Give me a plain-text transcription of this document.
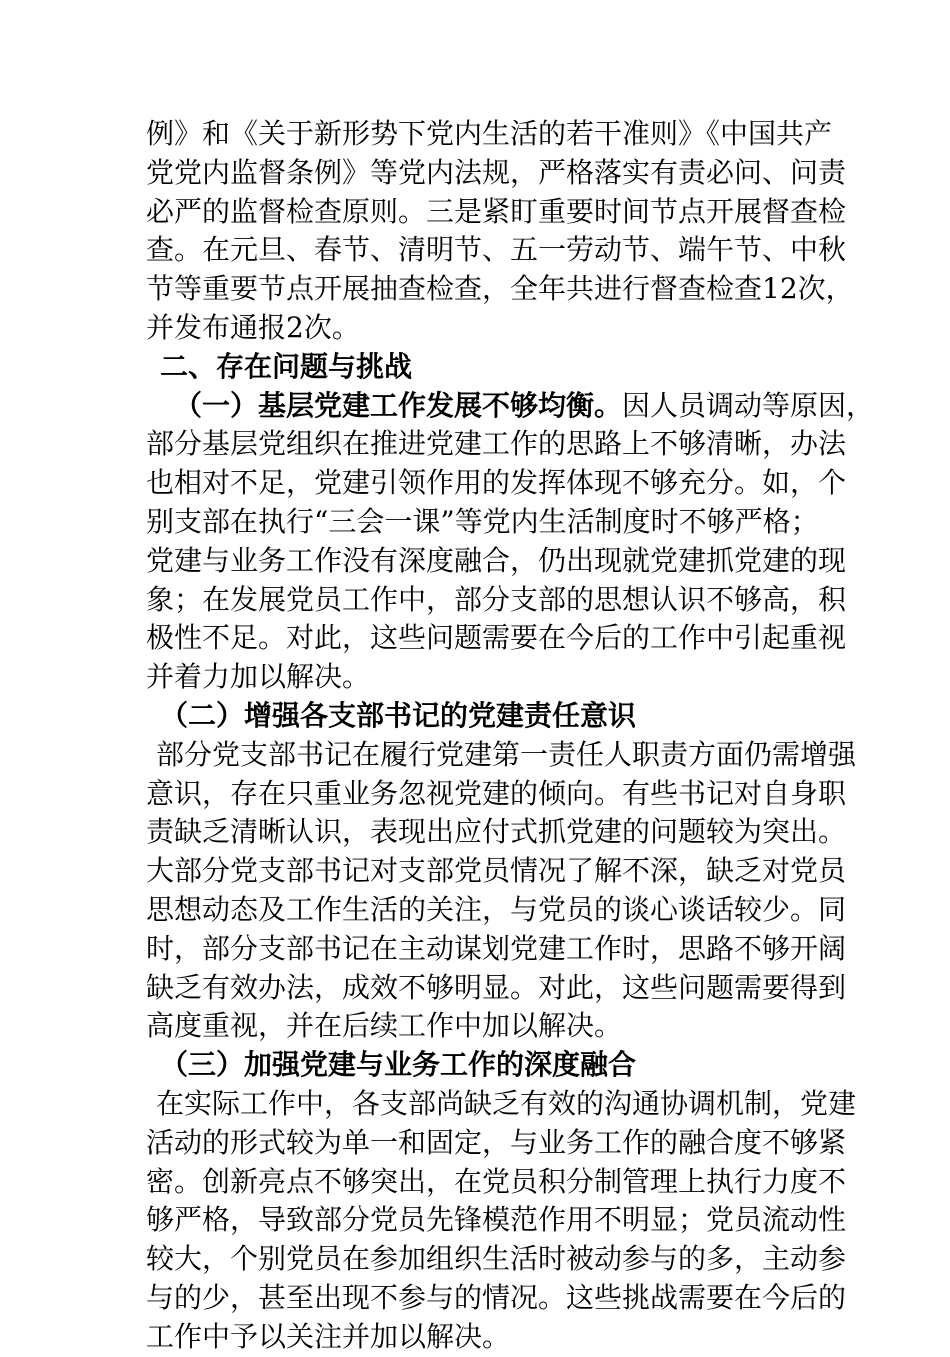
例》和《关于新形势下党内生活的若干准则》《中国共产
党党内监督条例》等党内法规，严格落实有责必问、问责
必严的监督检查原则。三是紧盯重要时间节点开展督查检
查。在元旦、春节、清明节、五一劳动节、端午节、中秋
节等重要节点开展抽查检查，全年共进行督查检查12次，
并发布通报2次。
二、存在问题与挑战
（一）基层党建工作发展不够均衡。因人员调动等原因，
部分基层党组织在推进党建工作的思路上不够清晰，办法
也相对不足，党建引领作用的发挥体现不够充分。如，个
别支部在执行“三会一课”等党内生活制度时不够严格；
党建与业务工作没有深度融合，仍出现就党建抓党建的现
象；在发展党员工作中，部分支部的思想认识不够高，积
极性不足。对此，这些问题需要在今后的工作中引起重视
并着力加以解决。
（二）增强各支部书记的党建责任意识
部分党支部书记在履行党建第一责任人职责方面仍需增强
意识，存在只重业务忽视党建的倾向。有些书记对自身职
责缺乏清晰认识，表现出应付式抓党建的问题较为突出。
大部分党支部书记对支部党员情况了解不深，缺乏对党员
思想动态及工作生活的关注，与党员的谈心谈话较少。同
时，部分支部书记在主动谋划党建工作时，思路不够开阔
缺乏有效办法，成效不够明显。对此，这些问题需要得到
高度重视，并在后续工作中加以解决。
（三）加强党建与业务工作的深度融合
在实际工作中，各支部尚缺乏有效的沟通协调机制，党建
活动的形式较为单一和固定，与业务工作的融合度不够紧
密。创新亮点不够突出，在党员积分制管理上执行力度不
够严格，导致部分党员先锋模范作用不明显；党员流动性
较大，个别党员在参加组织生活时被动参与的多，主动参
与的少，甚至出现不参与的情况。这些挑战需要在今后的
工作中予以关注并加以解决。
